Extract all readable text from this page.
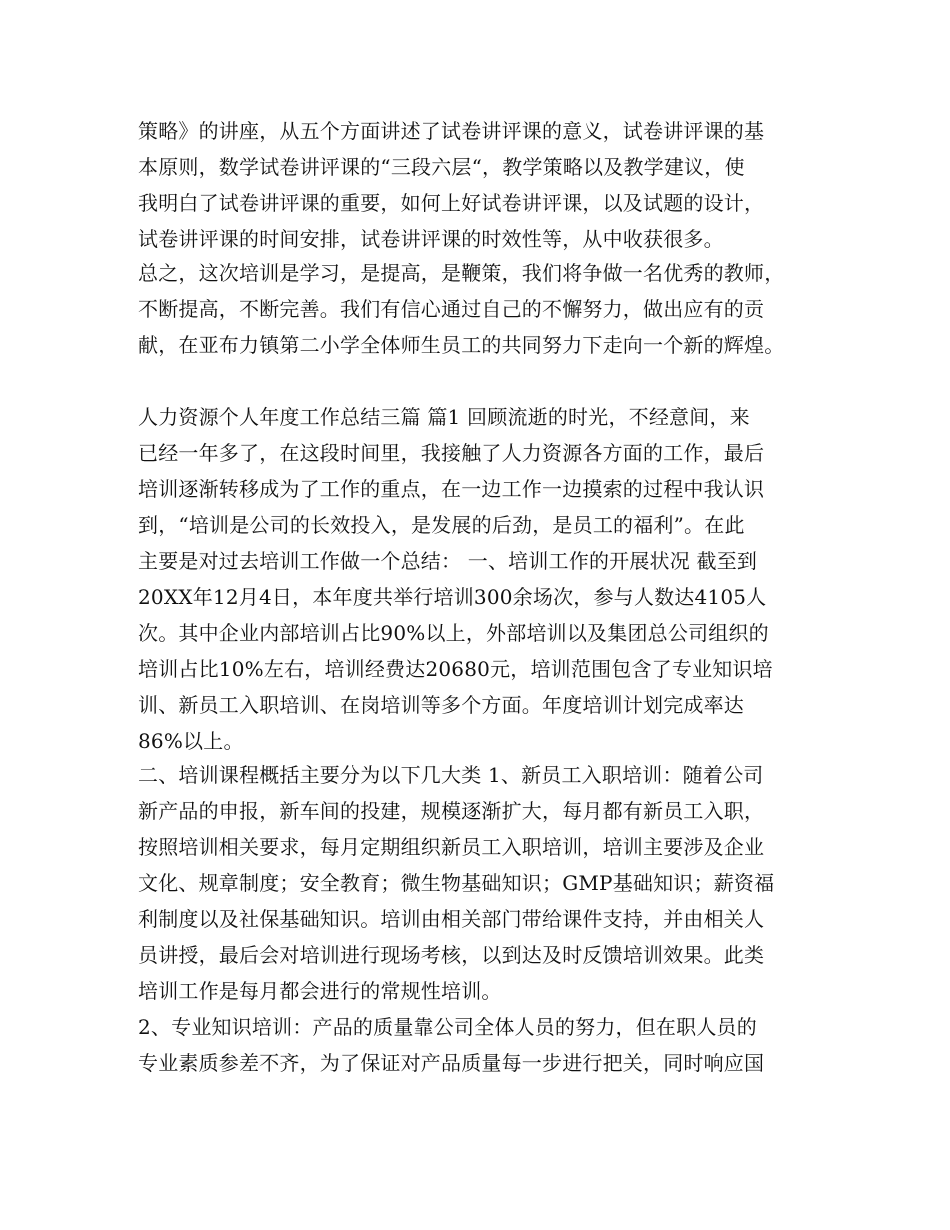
策略》的讲座，从五个方面讲述了试卷讲评课的意义，试卷讲评课的基
本原则，数学试卷讲评课的“三段六层“，教学策略以及教学建议，使
我明白了试卷讲评课的重要，如何上好试卷讲评课，以及试题的设计，
试卷讲评课的时间安排，试卷讲评课的时效性等，从中收获很多。
总之，这次培训是学习，是提高，是鞭策，我们将争做一名优秀的教师，
不断提高，不断完善。我们有信心通过自己的不懈努力，做出应有的贡
献，在亚布力镇第二小学全体师生员工的共同努力下走向一个新的辉煌。
人力资源个人年度工作总结三篇 篇1 回顾流逝的时光，不经意间，来
已经一年多了，在这段时间里，我接触了人力资源各方面的工作，最后
培训逐渐转移成为了工作的重点，在一边工作一边摸索的过程中我认识
到，“培训是公司的长效投入，是发展的后劲，是员工的福利”。在此
主要是对过去培训工作做一个总结： 一、培训工作的开展状况 截至到
20XX年12月4日，本年度共举行培训300余场次，参与人数达4105人
次。其中企业内部培训占比90%以上，外部培训以及集团总公司组织的
培训占比10%左右，培训经费达20680元，培训范围包含了专业知识培
训、新员工入职培训、在岗培训等多个方面。年度培训计划完成率达
86%以上。
二、培训课程概括主要分为以下几大类 1、新员工入职培训：随着公司
新产品的申报，新车间的投建，规模逐渐扩大，每月都有新员工入职，
按照培训相关要求，每月定期组织新员工入职培训，培训主要涉及企业
文化、规章制度；安全教育；微生物基础知识；GMP基础知识；薪资福
利制度以及社保基础知识。培训由相关部门带给课件支持，并由相关人
员讲授，最后会对培训进行现场考核，以到达及时反馈培训效果。此类
培训工作是每月都会进行的常规性培训。
2、专业知识培训：产品的质量靠公司全体人员的努力，但在职人员的
专业素质参差不齐，为了保证对产品质量每一步进行把关，同时响应国
